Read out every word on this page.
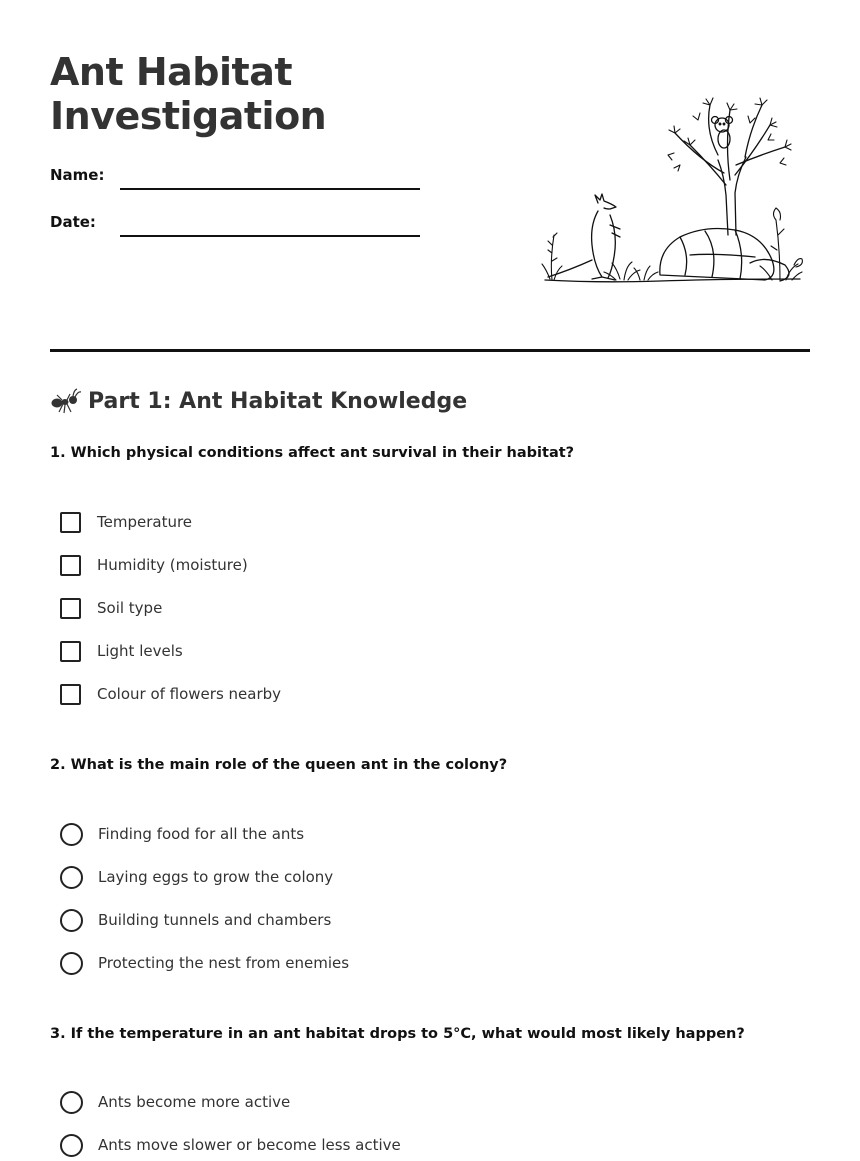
Ant Habitat
Investigation
Name:
Date:
Part 1: Ant Habitat Knowledge

1. Which physical conditions affect ant survival in their habitat?

Temperature
Humidity (moisture)
Soil type
Light levels
Colour of flowers nearby

2. What is the main role of the queen ant in the colony?

Finding food for all the ants
Laying eggs to grow the colony
Building tunnels and chambers
Protecting the nest from enemies

3. If the temperature in an ant habitat drops to 5°C, what would most likely happen?

Ants become more active
Ants move slower or become less active
